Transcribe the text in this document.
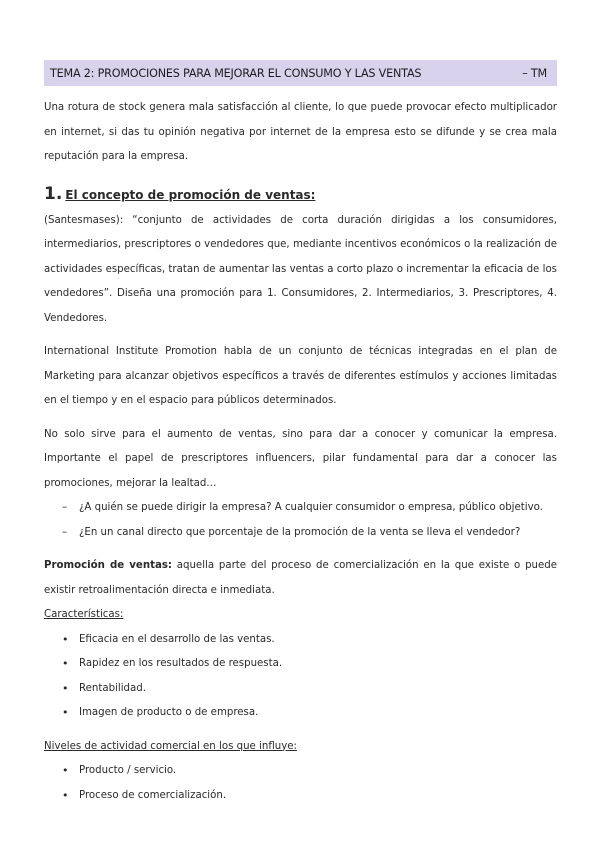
TEMA 2: PROMOCIONES PARA MEJORAR EL CONSUMO Y LAS VENTAS	– TM

Una rotura de stock genera mala satisfacción al cliente, lo que puede provocar efecto multiplicador en internet, si das tu opinión negativa por internet de la empresa esto se difunde y se crea mala reputación para la empresa.

1. El concepto de promoción de ventas:

(Santesmases): “conjunto de actividades de corta duración dirigidas a los consumidores, intermediarios, prescriptores o vendedores que, mediante incentivos económicos o la realización de actividades específicas, tratan de aumentar las ventas a corto plazo o incrementar la eficacia de los vendedores”. Diseña una promoción para 1. Consumidores, 2. Intermediarios, 3. Prescriptores, 4. Vendedores.

International Institute Promotion habla de un conjunto de técnicas integradas en el plan de Marketing para alcanzar objetivos específicos a través de diferentes estímulos y acciones limitadas en el tiempo y en el espacio para públicos determinados.

No solo sirve para el aumento de ventas, sino para dar a conocer y comunicar la empresa. Importante el papel de prescriptores influencers, pilar fundamental para dar a conocer las promociones, mejorar la lealtad…

– ¿A quién se puede dirigir la empresa? A cualquier consumidor o empresa, público objetivo.
– ¿En un canal directo que porcentaje de la promoción de la venta se lleva el vendedor?

Promoción de ventas: aquella parte del proceso de comercialización en la que existe o puede existir retroalimentación directa e inmediata.

Características:
• Eficacia en el desarrollo de las ventas.
• Rapidez en los resultados de respuesta.
• Rentabilidad.
• Imagen de producto o de empresa.
Niveles de actividad comercial en los que influye:
• Producto / servicio.
• Proceso de comercialización.
